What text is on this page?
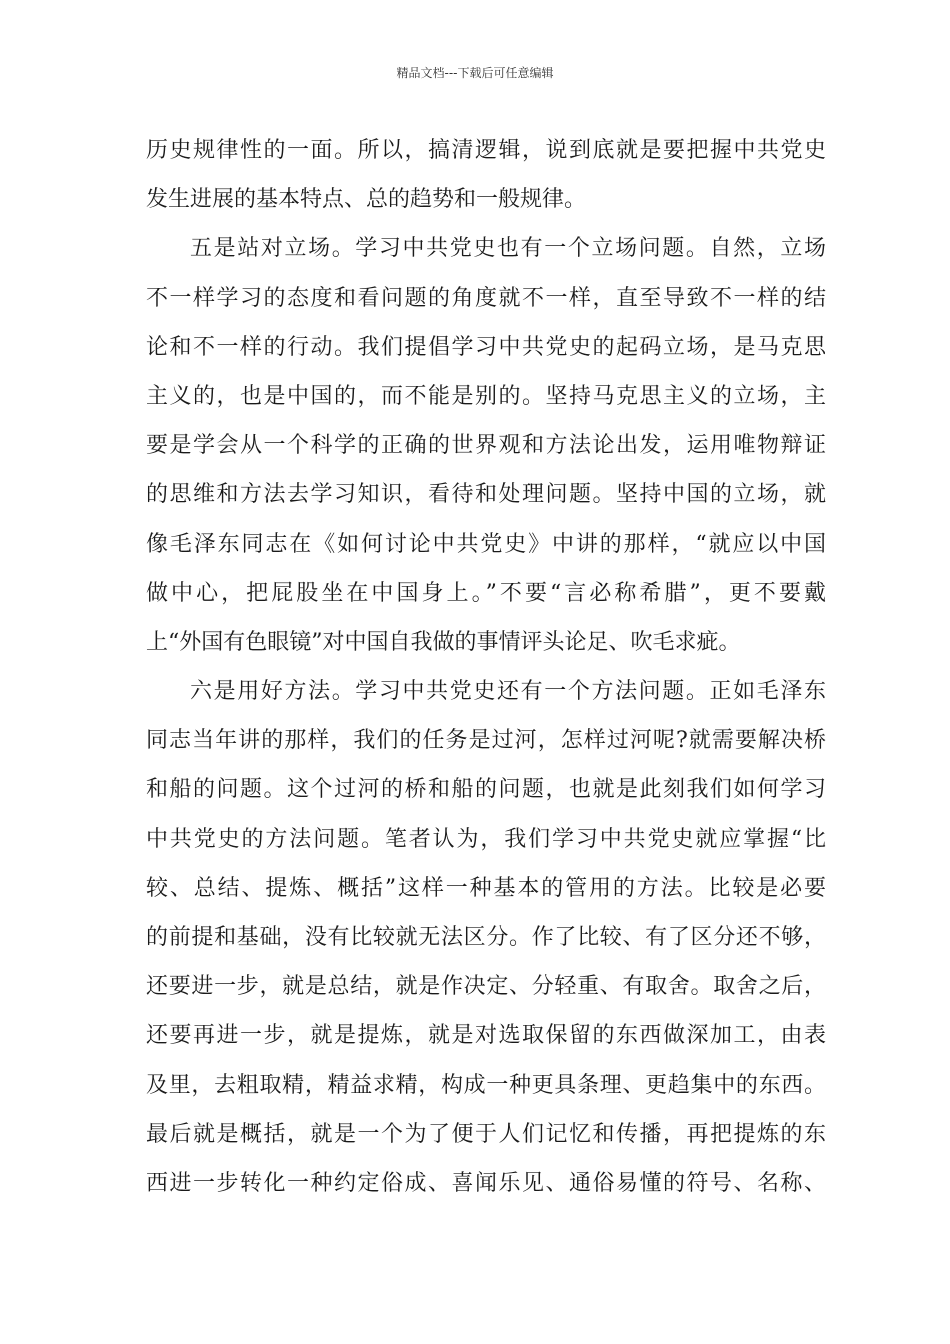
精品文档---下载后可任意编辑
历史规律性的一面。所以，搞清逻辑，说到底就是要把握中共党史
发生进展的基本特点、总的趋势和一般规律。
五是站对立场。学习中共党史也有一个立场问题。自然，立场
不一样学习的态度和看问题的角度就不一样，直至导致不一样的结
论和不一样的行动。我们提倡学习中共党史的起码立场，是马克思
主义的，也是中国的，而不能是别的。坚持马克思主义的立场，主
要是学会从一个科学的正确的世界观和方法论出发，运用唯物辩证
的思维和方法去学习知识，看待和处理问题。坚持中国的立场，就
像毛泽东同志在《如何讨论中共党史》中讲的那样，“就应以中国
做中心，把屁股坐在中国身上。”不要“言必称希腊”，更不要戴
上“外国有色眼镜”对中国自我做的事情评头论足、吹毛求疵。
六是用好方法。学习中共党史还有一个方法问题。正如毛泽东
同志当年讲的那样，我们的任务是过河，怎样过河呢?就需要解决桥
和船的问题。这个过河的桥和船的问题，也就是此刻我们如何学习
中共党史的方法问题。笔者认为，我们学习中共党史就应掌握“比
较、总结、提炼、概括”这样一种基本的管用的方法。比较是必要
的前提和基础，没有比较就无法区分。作了比较、有了区分还不够，
还要进一步，就是总结，就是作决定、分轻重、有取舍。取舍之后，
还要再进一步，就是提炼，就是对选取保留的东西做深加工，由表
及里，去粗取精，精益求精，构成一种更具条理、更趋集中的东西。
最后就是概括，就是一个为了便于人们记忆和传播，再把提炼的东
西进一步转化一种约定俗成、喜闻乐见、通俗易懂的符号、名称、
